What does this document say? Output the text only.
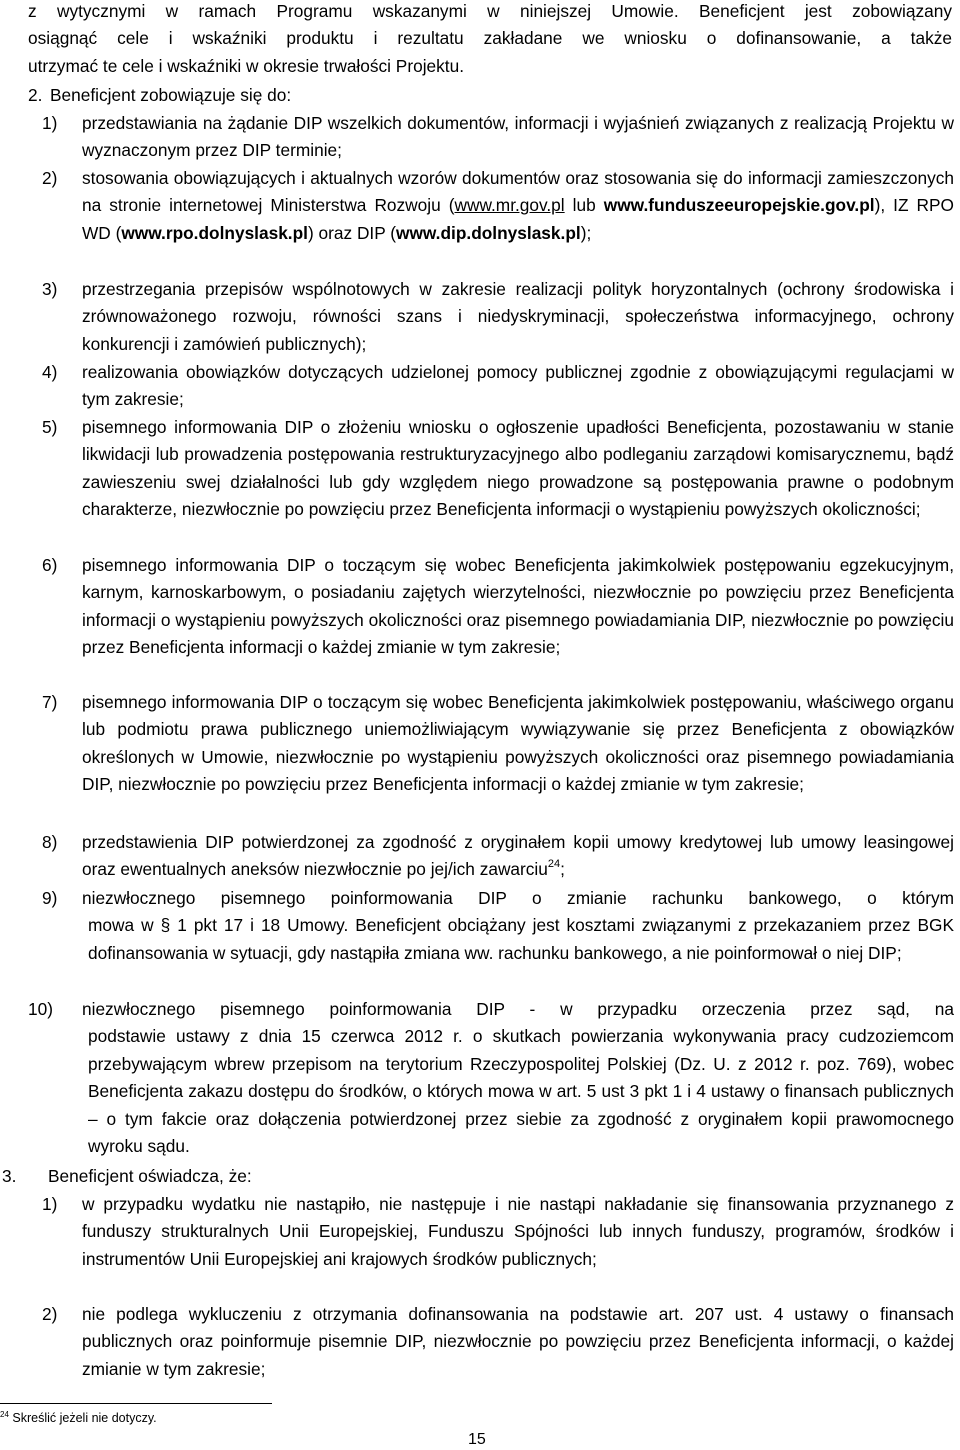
z wytycznymi w ramach Programu wskazanymi w niniejszej Umowie. Beneficjent jest zobowiązany
osiągnąć cele i wskaźniki produktu i rezultatu zakładane we wniosku o dofinansowanie, a także
utrzymać te cele i wskaźniki w okresie trwałości Projektu.
2. Beneficjent zobowiązuje się do:
1) przedstawiania na żądanie DIP wszelkich dokumentów, informacji i wyjaśnień związanych z realizacją Projektu w wyznaczonym przez DIP terminie;
2) stosowania obowiązujących i aktualnych wzorów dokumentów oraz stosowania się do informacji zamieszczonych na stronie internetowej Ministerstwa Rozwoju (www.mr.gov.pl lub www.funduszeeuropejskie.gov.pl), IZ RPO WD (www.rpo.dolnyslask.pl) oraz DIP (www.dip.dolnyslask.pl);
3) przestrzegania przepisów wspólnotowych w zakresie realizacji polityk horyzontalnych (ochrony środowiska i zrównoważonego rozwoju, równości szans i niedyskryminacji, społeczeństwa informacyjnego, ochrony konkurencji i zamówień publicznych);
4) realizowania obowiązków dotyczących udzielonej pomocy publicznej zgodnie z obowiązującymi regulacjami w tym zakresie;
5) pisemnego informowania DIP o złożeniu wniosku o ogłoszenie upadłości Beneficjenta, pozostawaniu w stanie likwidacji lub prowadzenia postępowania restrukturyzacyjnego albo podleganiu zarządowi komisarycznemu, bądź zawieszeniu swej działalności lub gdy względem niego prowadzone są postępowania prawne o podobnym charakterze, niezwłocznie po powzięciu przez Beneficjenta informacji o wystąpieniu powyższych okoliczności;
6) pisemnego informowania DIP o toczącym się wobec Beneficjenta jakimkolwiek postępowaniu egzekucyjnym, karnym, karnoskarbowym, o posiadaniu zajętych wierzytelności, niezwłocznie po powzięciu przez Beneficjenta informacji o wystąpieniu powyższych okoliczności oraz pisemnego powiadamiania DIP, niezwłocznie po powzięciu przez Beneficjenta informacji o każdej zmianie w tym zakresie;
7) pisemnego informowania DIP o toczącym się wobec Beneficjenta jakimkolwiek postępowaniu, właściwego organu lub podmiotu prawa publicznego uniemożliwiającym wywiązywanie się przez Beneficjenta z obowiązków określonych w Umowie, niezwłocznie po wystąpieniu powyższych okoliczności oraz pisemnego powiadamiania DIP, niezwłocznie po powzięciu przez Beneficjenta informacji o każdej zmianie w tym zakresie;
8) przedstawienia DIP potwierdzonej za zgodność z oryginałem kopii umowy kredytowej lub umowy leasingowej oraz ewentualnych aneksów niezwłocznie po jej/ich zawarciu$^{24}$;
9) niezwłocznego pisemnego poinformowania DIP o zmianie rachunku bankowego, o którym
mowa w § 1 pkt 17 i 18 Umowy. Beneficjent obciążany jest kosztami związanymi z przekazaniem przez BGK dofinansowania w sytuacji, gdy nastąpiła zmiana ww. rachunku bankowego, a nie poinformował o niej DIP;
10) niezwłocznego pisemnego poinformowania DIP - w przypadku orzeczenia przez sąd, na
podstawie ustawy z dnia 15 czerwca 2012 r. o skutkach powierzania wykonywania pracy cudzoziemcom przebywającym wbrew przepisom na terytorium Rzeczypospolitej Polskiej (Dz. U. z 2012 r. poz. 769), wobec Beneficjenta zakazu dostępu do środków, o których mowa w art. 5 ust 3 pkt 1 i 4 ustawy o finansach publicznych – o tym fakcie oraz dołączenia potwierdzonej przez siebie za zgodność z oryginałem kopii prawomocnego wyroku sądu.
3. Beneficjent oświadcza, że:
1) w przypadku wydatku nie nastąpiło, nie następuje i nie nastąpi nakładanie się finansowania przyznanego z funduszy strukturalnych Unii Europejskiej, Funduszu Spójności lub innych funduszy, programów, środków i instrumentów Unii Europejskiej ani krajowych środków publicznych;
2) nie podlega wykluczeniu z otrzymania dofinansowania na podstawie art. 207 ust. 4 ustawy o finansach publicznych oraz poinformuje pisemnie DIP, niezwłocznie po powzięciu przez Beneficjenta informacji, o każdej zmianie w tym zakresie;
$^{24}$ Skreślić jeżeli nie dotyczy.
15
